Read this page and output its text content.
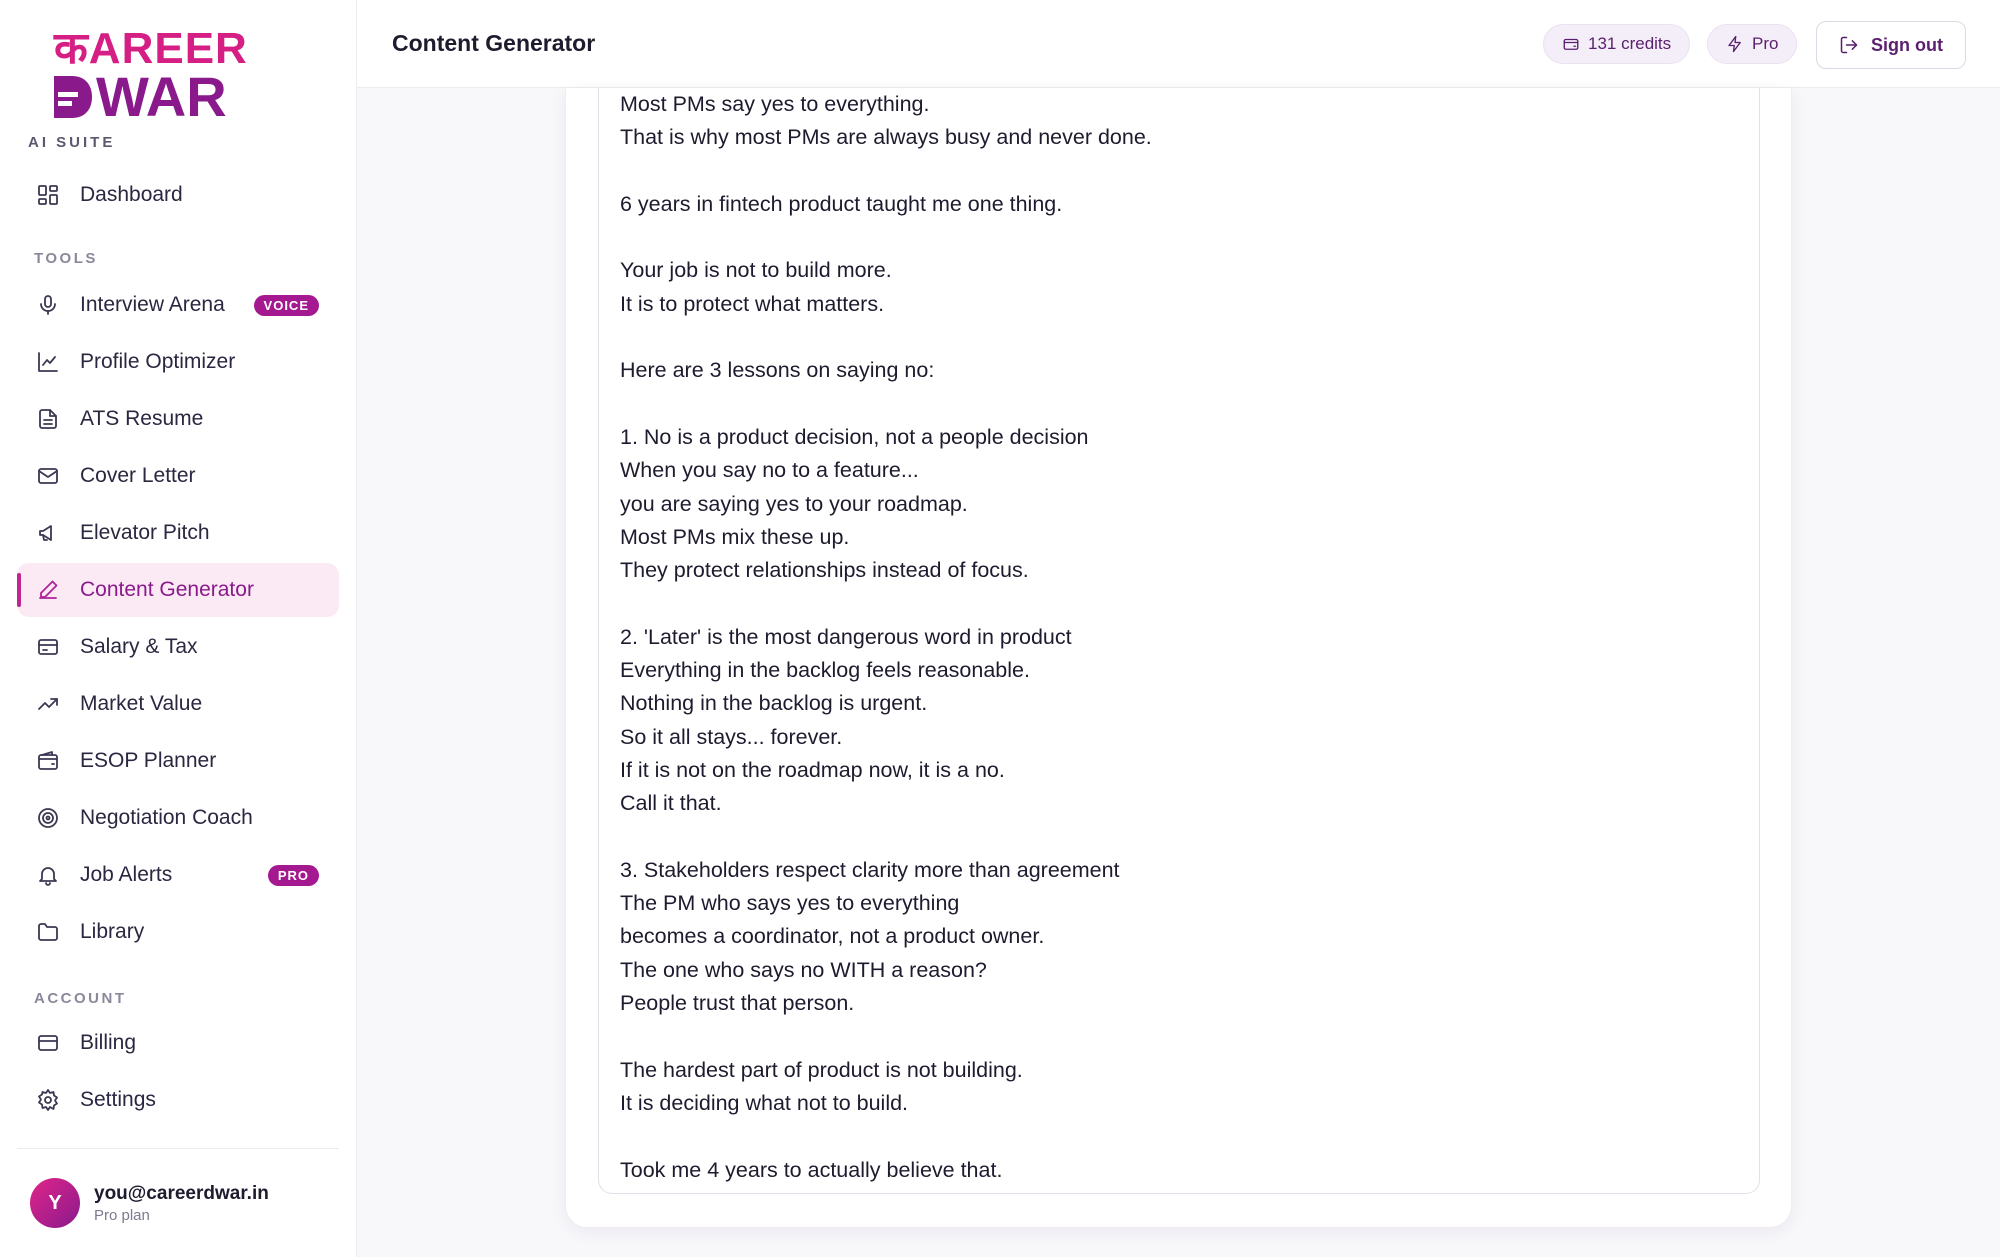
कAREER
WAR
AI SUITE
Dashboard
TOOLS
Interview Arena	VOICE
Profile Optimizer
ATS Resume
Cover Letter
Elevator Pitch
Content Generator
Salary & Tax
Market Value
ESOP Planner
Negotiation Coach
Job Alerts	PRO
Library
ACCOUNT
Billing
Settings
Y	you@careerdwar.in
Pro plan
Content Generator	131 credits	Pro	Sign out
Most PMs say yes to everything.
That is why most PMs are always busy and never done.

6 years in fintech product taught me one thing.

Your job is not to build more.
It is to protect what matters.

Here are 3 lessons on saying no:

1. No is a product decision, not a people decision
When you say no to a feature...
you are saying yes to your roadmap.
Most PMs mix these up.
They protect relationships instead of focus.

2. 'Later' is the most dangerous word in product
Everything in the backlog feels reasonable.
Nothing in the backlog is urgent.
So it all stays... forever.
If it is not on the roadmap now, it is a no.
Call it that.

3. Stakeholders respect clarity more than agreement
The PM who says yes to everything
becomes a coordinator, not a product owner.
The one who says no WITH a reason?
People trust that person.

The hardest part of product is not building.
It is deciding what not to build.

Took me 4 years to actually believe that.
